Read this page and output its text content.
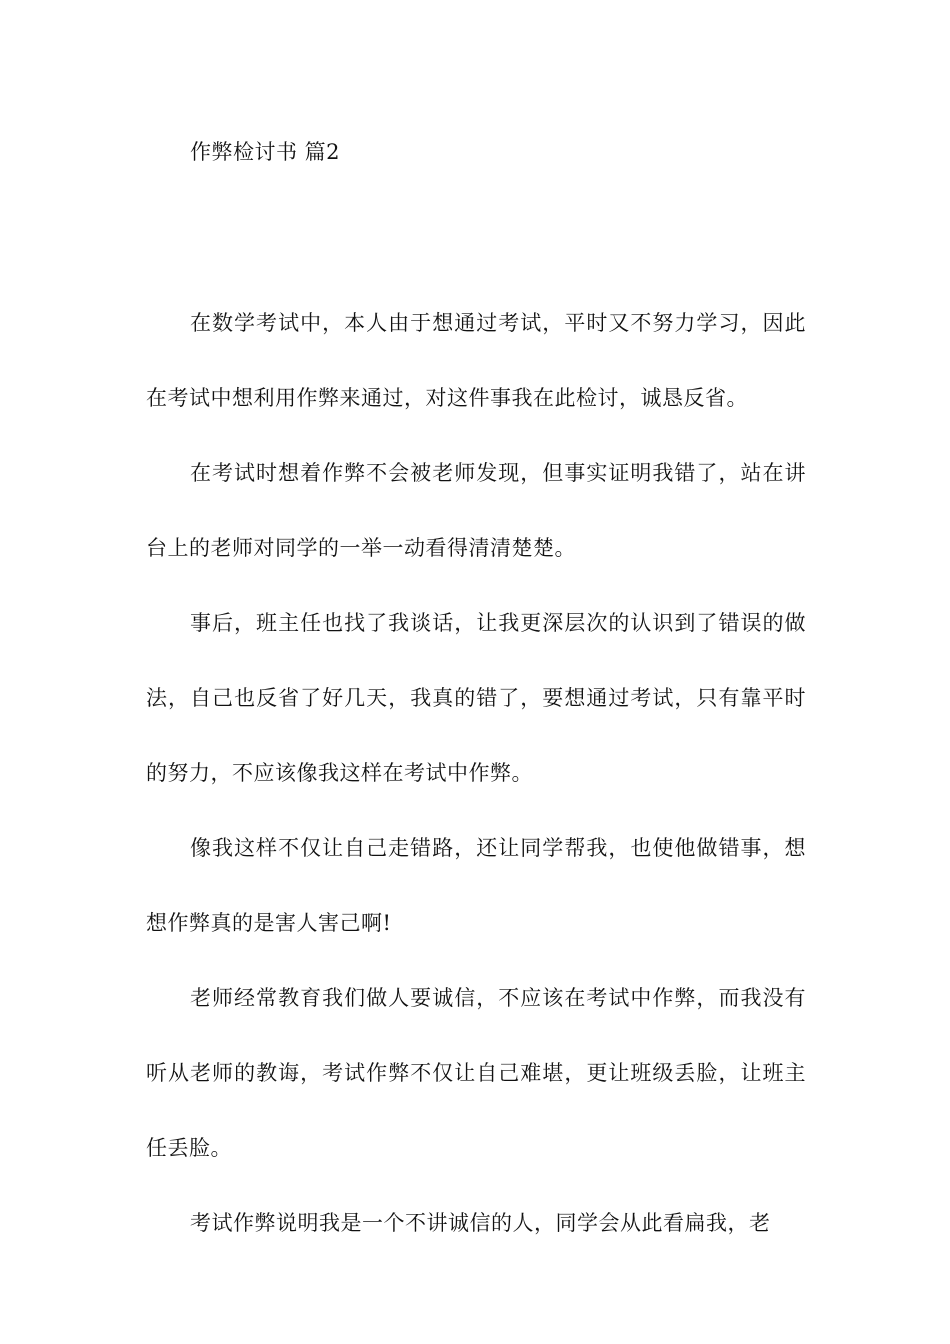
作弊检讨书 篇2

在数学考试中，本人由于想通过考试，平时又不努力学习，因此在考试中想利用作弊来通过，对这件事我在此检讨，诚恳反省。

在考试时想着作弊不会被老师发现，但事实证明我错了，站在讲台上的老师对同学的一举一动看得清清楚楚。

事后，班主任也找了我谈话，让我更深层次的认识到了错误的做法，自己也反省了好几天，我真的错了，要想通过考试，只有靠平时的努力，不应该像我这样在考试中作弊。

像我这样不仅让自己走错路，还让同学帮我，也使他做错事，想想作弊真的是害人害己啊!

老师经常教育我们做人要诚信，不应该在考试中作弊，而我没有听从老师的教诲，考试作弊不仅让自己难堪，更让班级丢脸，让班主任丢脸。

考试作弊说明我是一个不讲诚信的人，同学会从此看扁我，老
